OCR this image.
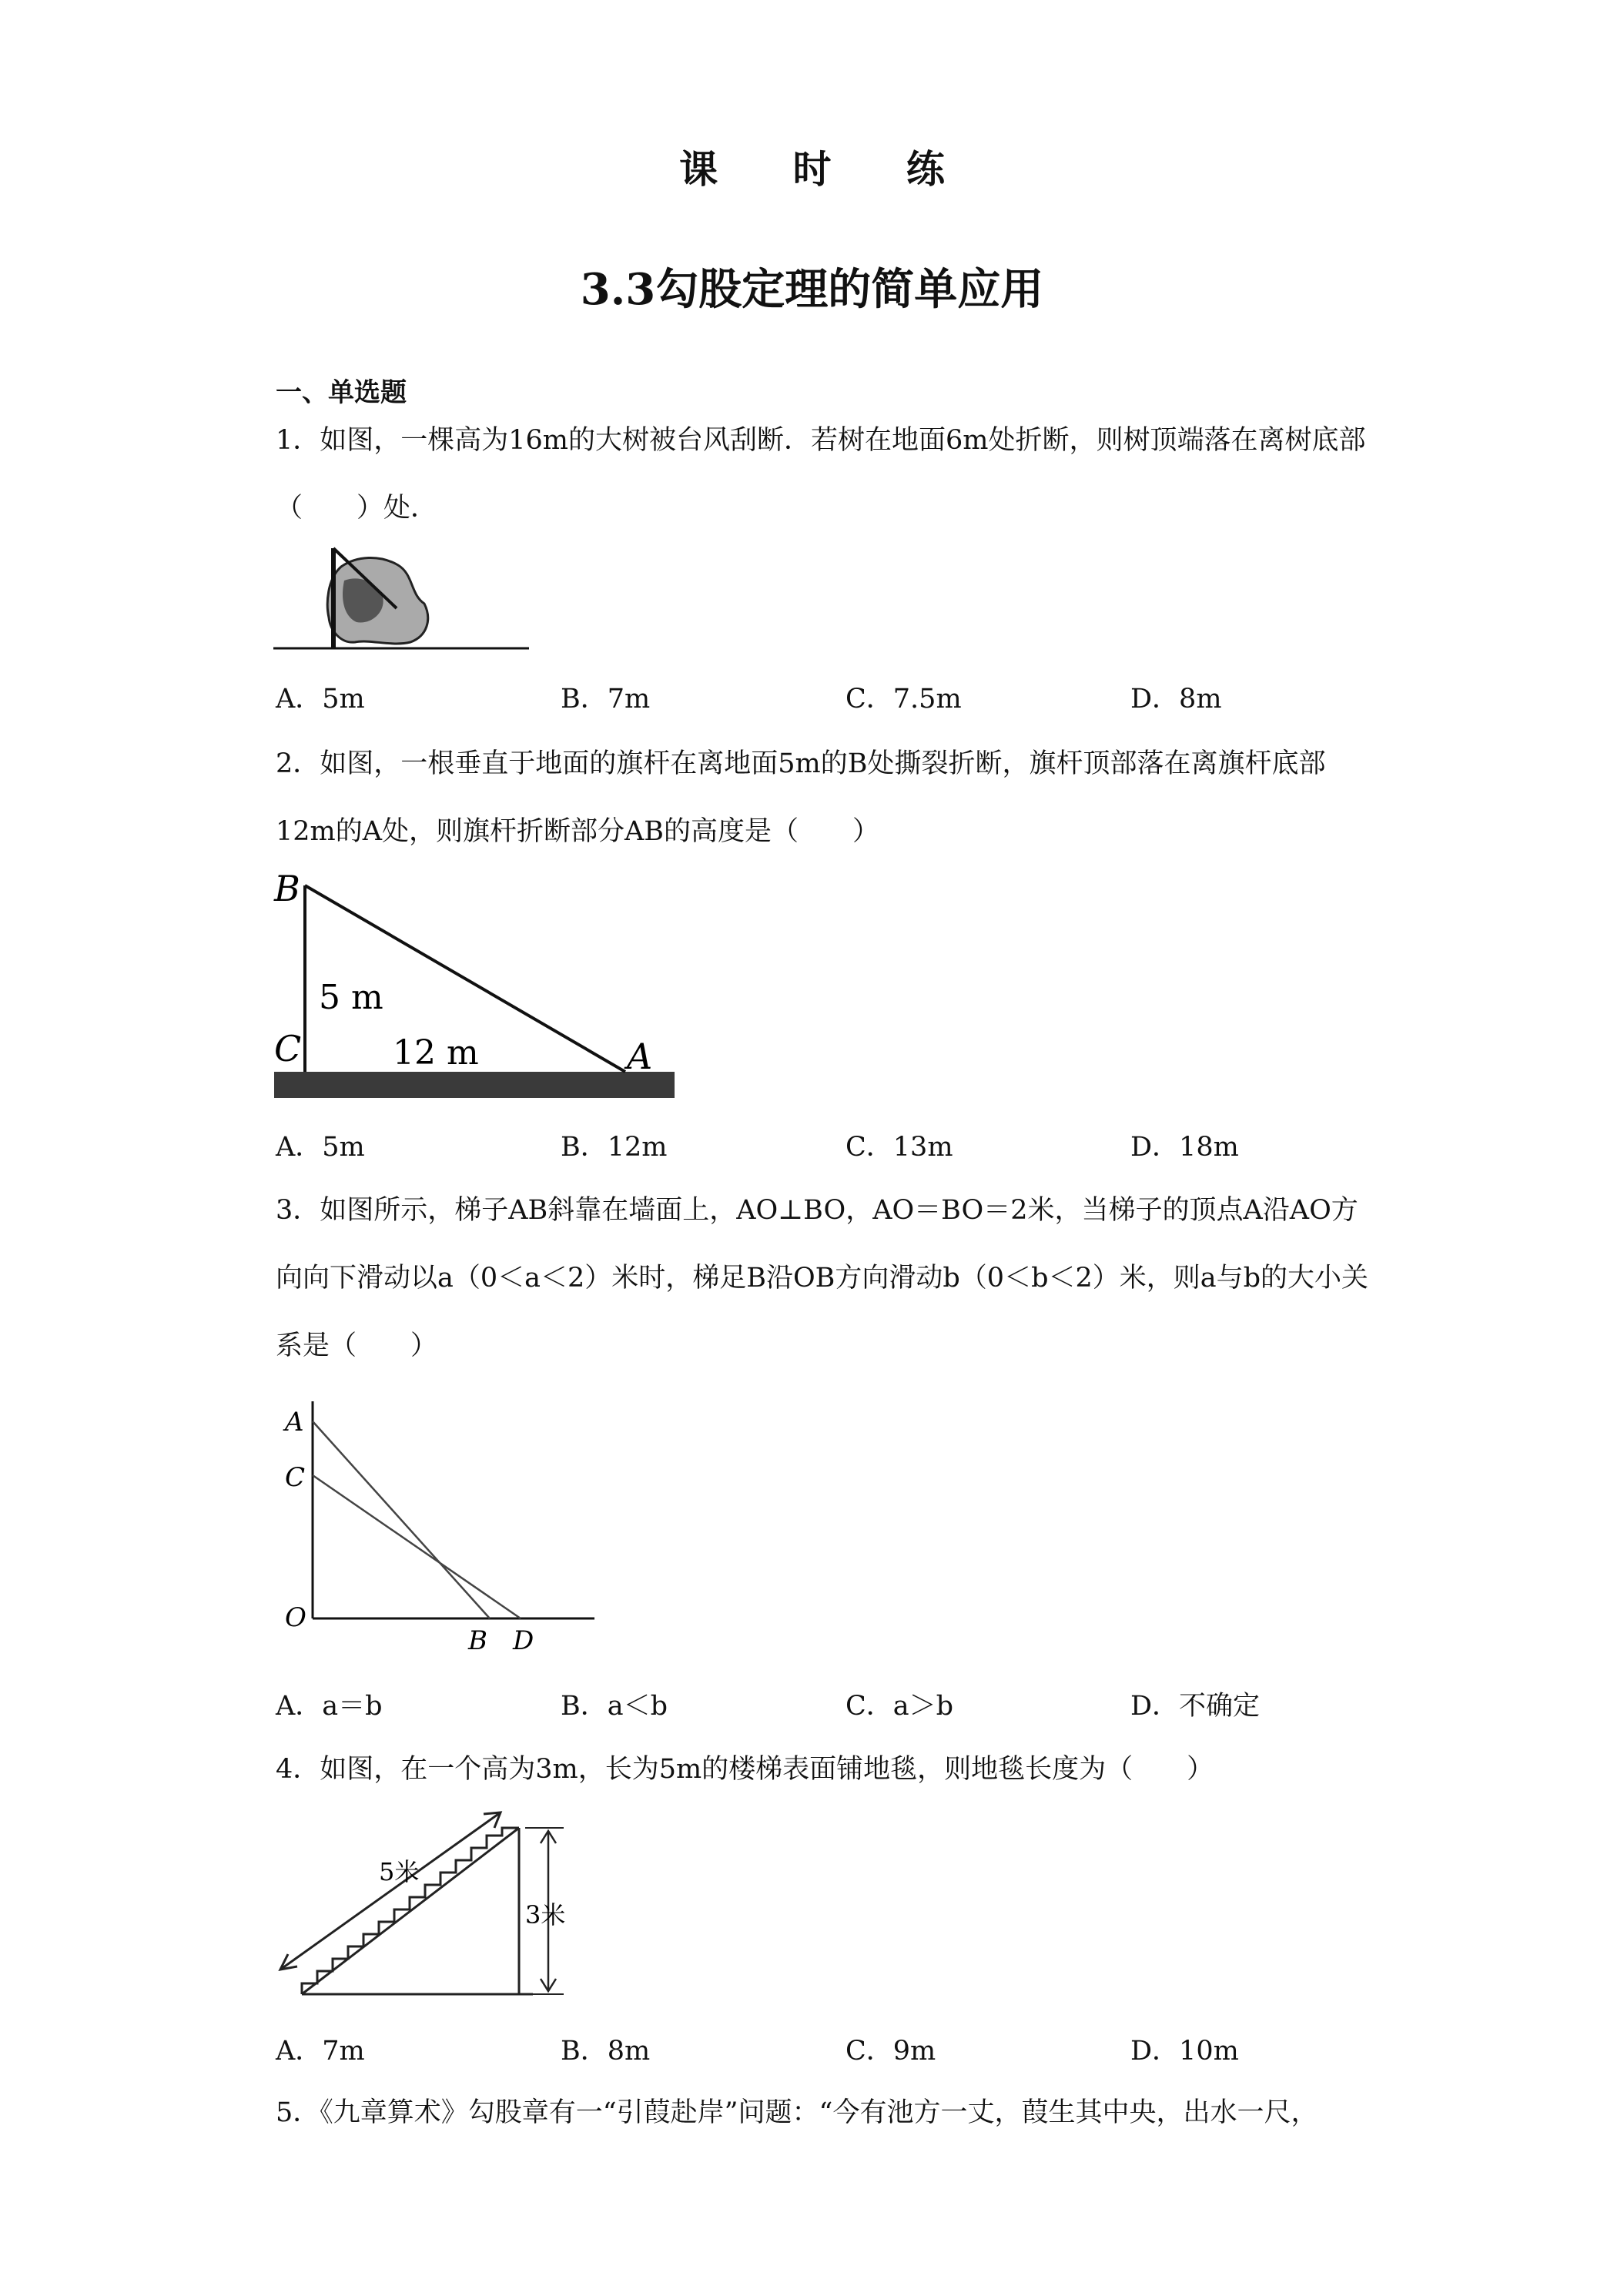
课 时 练
3.3勾股定理的简单应用
一、单选题

1．如图，一棵高为16m的大树被台风刮断．若树在地面6m处折断，则树顶端落在离树底部（　　）处．

A．5m	B．7m	C．7.5m	D．8m

2．如图，一根垂直于地面的旗杆在离地面5m的B处撕裂折断，旗杆顶部落在离旗杆底部12m的A处，则旗杆折断部分AB的高度是（　　）

B
C	A
5 m
12 m
A．5m	B．12m	C．13m	D．18m

3．如图所示，梯子AB斜靠在墙面上，AO⊥BO，AO＝BO＝2米，当梯子的顶点A沿AO方向向下滑动以a（0＜a＜2）米时，梯足B沿OB方向滑动b（0＜b＜2）米，则a与b的大小关系是（　　）

A
C
O
B D
A．a＝b	B．a＜b	C．a＞b	D．不确定

4．如图，在一个高为3m，长为5m的楼梯表面铺地毯，则地毯长度为（　　）

5米
3米
A．7m	B．8m	C．9m	D．10m

5．《九章算术》勾股章有一“引葭赴岸”问题：“今有池方一丈，葭生其中央，出水一尺，
